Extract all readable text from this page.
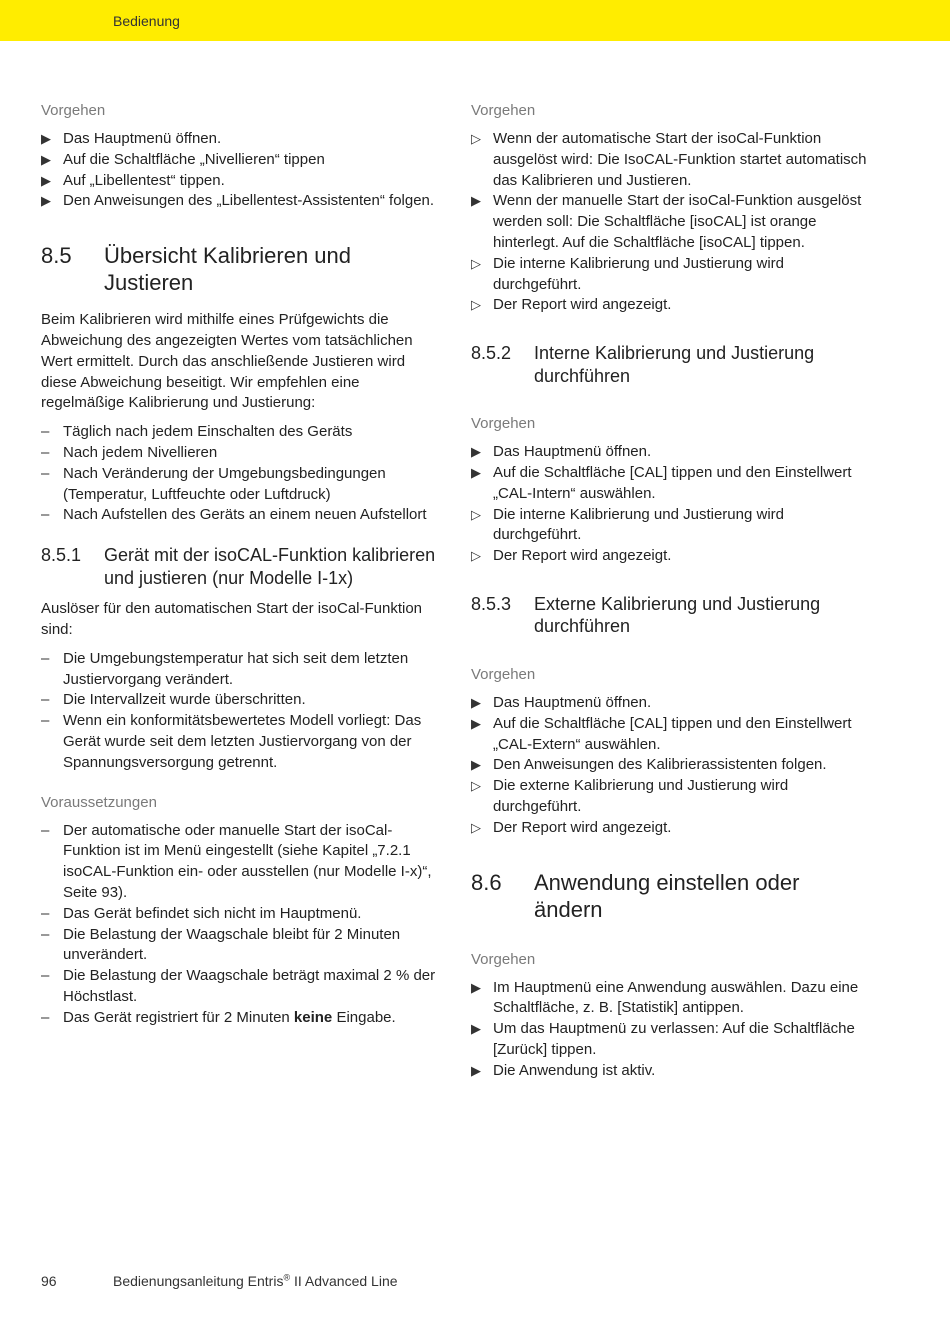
Bedienung
Vorgehen
▶ Das Hauptmenü öffnen.
▶ Auf die Schaltfläche „Nivellieren“ tippen
▶ Auf „Libellentest“ tippen.
▶ Den Anweisungen des „Libellentest-Assistenten“ folgen.
8.5	Übersicht Kalibrieren und Justieren

Beim Kalibrieren wird mithilfe eines Prüfgewichts die Abweichung des angezeigten Wertes vom tatsächlichen Wert ermittelt. Durch das anschließende Justieren wird diese Abweichung beseitigt. Wir empfehlen eine regelmäßige Kalibrierung und Justierung:

– Täglich nach jedem Einschalten des Geräts
– Nach jedem Nivellieren
– Nach Veränderung der Umgebungsbedingungen (Temperatur, Luftfeuchte oder Luftdruck)
– Nach Aufstellen des Geräts an einem neuen Aufstellort
8.5.1	Gerät mit der isoCAL-Funktion kalibrieren und justieren (nur Modelle I-1x)

Auslöser für den automatischen Start der isoCal-Funktion sind:

– Die Umgebungstemperatur hat sich seit dem letzten Justiervorgang verändert.
– Die Intervallzeit wurde überschritten.
– Wenn ein konformitätsbewertetes Modell vorliegt: Das Gerät wurde seit dem letzten Justiervorgang von der Spannungsversorgung getrennt.
Voraussetzungen
– Der automatische oder manuelle Start der isoCal-Funktion ist im Menü eingestellt (siehe Kapitel „7.2.1 isoCAL-Funktion ein- oder ausstellen (nur Modelle I-x)“, Seite 93).
– Das Gerät befindet sich nicht im Hauptmenü.
– Die Belastung der Waagschale bleibt für 2 Minuten unverändert.
– Die Belastung der Waagschale beträgt maximal 2 % der Höchstlast.
– Das Gerät registriert für 2 Minuten keine Eingabe.
Vorgehen
▷ Wenn der automatische Start der isoCal-Funktion ausgelöst wird: Die IsoCAL-Funktion startet automatisch das Kalibrieren und Justieren.
▶ Wenn der manuelle Start der isoCal-Funktion ausgelöst werden soll: Die Schaltfläche [isoCAL] ist orange hinterlegt. Auf die Schaltfläche [isoCAL] tippen.
▷ Die interne Kalibrierung und Justierung wird durchgeführt.
▷ Der Report wird angezeigt.
8.5.2	Interne Kalibrierung und Justierung durchführen
Vorgehen
▶ Das Hauptmenü öffnen.
▶ Auf die Schaltfläche [CAL] tippen und den Einstellwert „CAL-Intern“ auswählen.
▷ Die interne Kalibrierung und Justierung wird durchgeführt.
▷ Der Report wird angezeigt.
8.5.3	Externe Kalibrierung und Justierung durchführen
Vorgehen
▶ Das Hauptmenü öffnen.
▶ Auf die Schaltfläche [CAL] tippen und den Einstellwert „CAL-Extern“ auswählen.
▶ Den Anweisungen des Kalibrierassistenten folgen.
▷ Die externe Kalibrierung und Justierung wird durchgeführt.
▷ Der Report wird angezeigt.
8.6	Anwendung einstellen oder ändern
Vorgehen
▶ Im Hauptmenü eine Anwendung auswählen. Dazu eine Schaltfläche, z. B. [Statistik] antippen.
▶ Um das Hauptmenü zu verlassen: Auf die Schaltfläche [Zurück] tippen.
▶ Die Anwendung ist aktiv.
96	Bedienungsanleitung Entris® II Advanced Line
